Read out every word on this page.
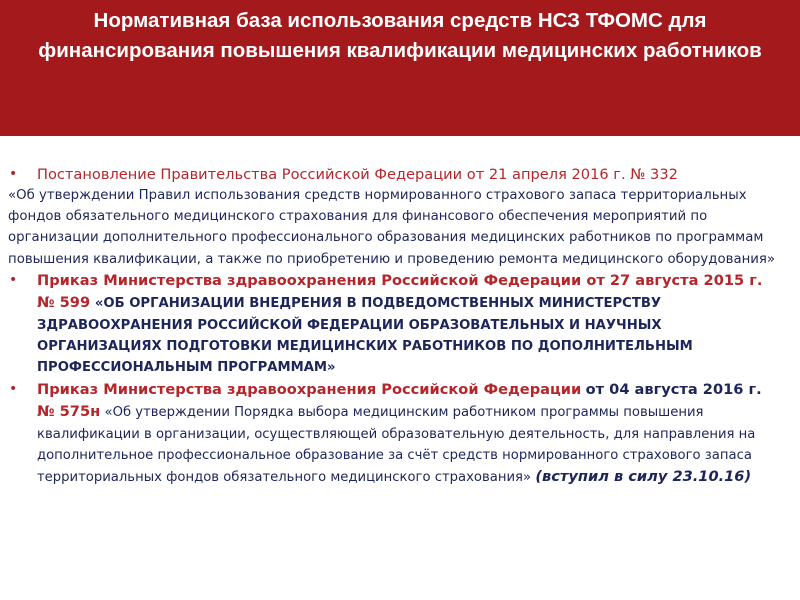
Нормативная база использования средств НСЗ ТФОМС для финансирования повышения квалификации медицинских работников
• Постановление Правительства Российской Федерации от 21 апреля 2016 г. № 332
«Об утверждении Правил использования средств нормированного страхового запаса территориальных фондов обязательного медицинского страхования для финансового обеспечения мероприятий по организации дополнительного профессионального образования медицинских работников по программам повышения квалификации, а также по приобретению и проведению ремонта медицинского оборудования»
• Приказ Министерства здравоохранения Российской Федерации от 27 августа 2015 г. № 599 «ОБ ОРГАНИЗАЦИИ ВНЕДРЕНИЯ В ПОДВЕДОМСТВЕННЫХ МИНИСТЕРСТВУ ЗДРАВООХРАНЕНИЯ РОССИЙСКОЙ ФЕДЕРАЦИИ ОБРАЗОВАТЕЛЬНЫХ И НАУЧНЫХ ОРГАНИЗАЦИЯХ ПОДГОТОВКИ МЕДИЦИНСКИХ РАБОТНИКОВ ПО ДОПОЛНИТЕЛЬНЫМ ПРОФЕССИОНАЛЬНЫМ ПРОГРАММАМ»
• Приказ Министерства здравоохранения Российской Федерации от 04 августа 2016 г. № 575н «Об утверждении Порядка выбора медицинским работником программы повышения квалификации в организации, осуществляющей образовательную деятельность, для направления на дополнительное профессиональное образование за счёт средств нормированного страхового запаса территориальных фондов обязательного медицинского страхования» (вступил в силу 23.10.16)
